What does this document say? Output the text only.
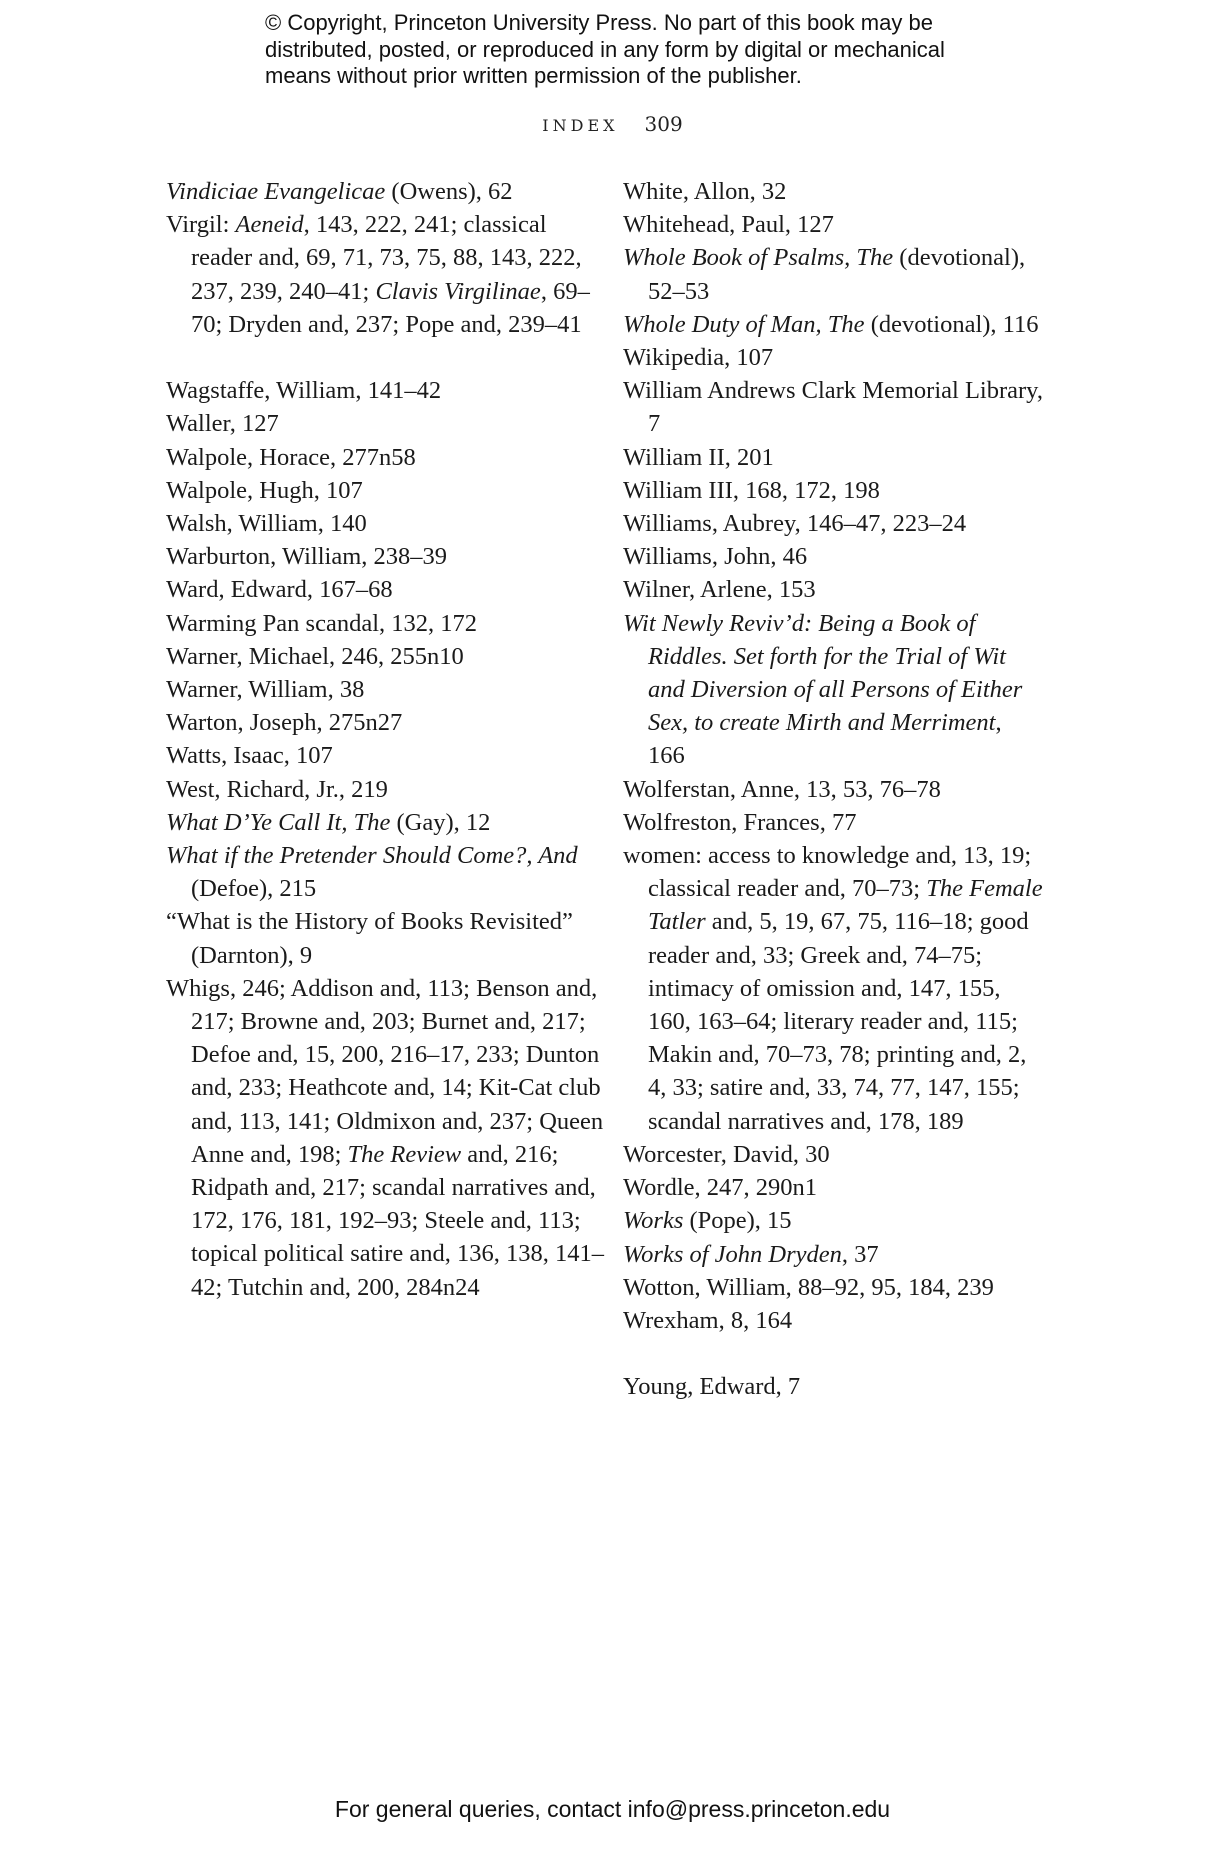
© Copyright, Princeton University Press. No part of this book may be
distributed, posted, or reproduced in any form by digital or mechanical
means without prior written permission of the publisher.
INDEX 309
Vindiciae Evangelicae (Owens), 62
Virgil: Aeneid, 143, 222, 241; classical reader and, 69, 71, 73, 75, 88, 143, 222, 237, 239, 240–41; Clavis Virgilinae, 69–70; Dryden and, 237; Pope and, 239–41
Wagstaffe, William, 141–42
Waller, 127
Walpole, Horace, 277n58
Walpole, Hugh, 107
Walsh, William, 140
Warburton, William, 238–39
Ward, Edward, 167–68
Warming Pan scandal, 132, 172
Warner, Michael, 246, 255n10
Warner, William, 38
Warton, Joseph, 275n27
Watts, Isaac, 107
West, Richard, Jr., 219
What D’Ye Call It, The (Gay), 12
What if the Pretender Should Come?, And (Defoe), 215
“What is the History of Books Revisited” (Darnton), 9
Whigs, 246; Addison and, 113; Benson and, 217; Browne and, 203; Burnet and, 217; Defoe and, 15, 200, 216–17, 233; Dunton and, 233; Heathcote and, 14; Kit-Cat club and, 113, 141; Oldmixon and, 237; Queen Anne and, 198; The Review and, 216; Ridpath and, 217; scandal narratives and, 172, 176, 181, 192–93; Steele and, 113; topical political satire and, 136, 138, 141–42; Tutchin and, 200, 284n24
White, Allon, 32
Whitehead, Paul, 127
Whole Book of Psalms, The (devotional), 52–53
Whole Duty of Man, The (devotional), 116
Wikipedia, 107
William Andrews Clark Memorial Library, 7
William II, 201
William III, 168, 172, 198
Williams, Aubrey, 146–47, 223–24
Williams, John, 46
Wilner, Arlene, 153
Wit Newly Reviv’d: Being a Book of Riddles. Set forth for the Trial of Wit and Diversion of all Persons of Either Sex, to create Mirth and Merriment, 166
Wolferstan, Anne, 13, 53, 76–78
Wolfreston, Frances, 77
women: access to knowledge and, 13, 19; classical reader and, 70–73; The Female Tatler and, 5, 19, 67, 75, 116–18; good reader and, 33; Greek and, 74–75; intimacy of omission and, 147, 155, 160, 163–64; literary reader and, 115; Makin and, 70–73, 78; printing and, 2, 4, 33; satire and, 33, 74, 77, 147, 155; scandal narratives and, 178, 189
Worcester, David, 30
Wordle, 247, 290n1
Works (Pope), 15
Works of John Dryden, 37
Wotton, William, 88–92, 95, 184, 239
Wrexham, 8, 164
Young, Edward, 7
For general queries, contact info@press.princeton.edu
